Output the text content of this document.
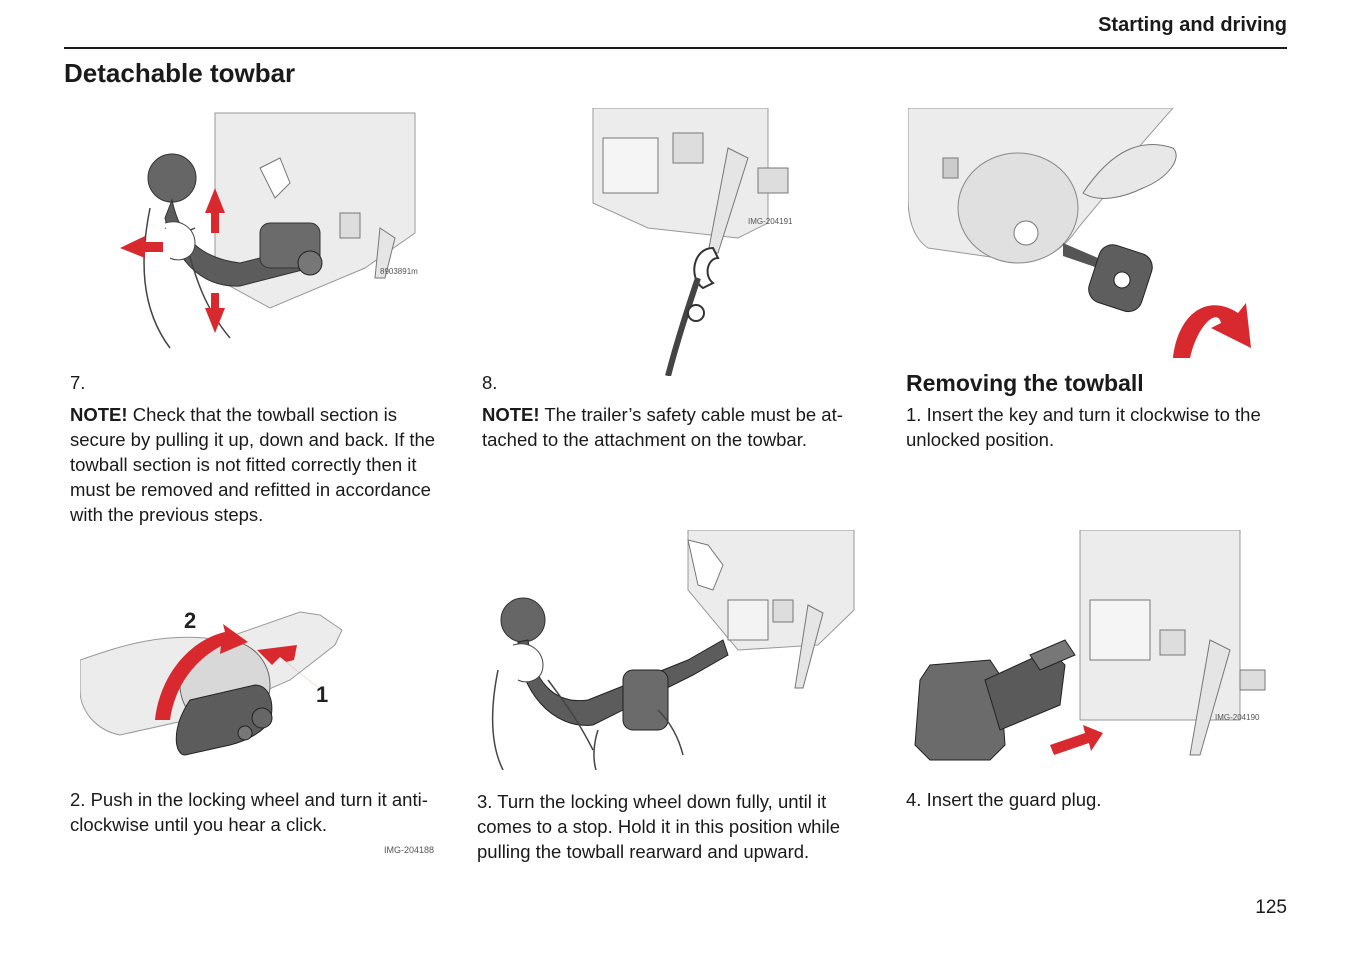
Starting and driving
Detachable towbar
8903891m
IMG-204191
2
1
IMG-204190
7.
NOTE! Check that the towball section is secure by pulling it up, down and back. If the towball section is not fitted correctly then it must be removed and refitted in accordance with the previous steps.
8.
NOTE! The trailer’s safety cable must be at-tached to the attachment on the towbar.
Removing the towball
1. Insert the key and turn it clockwise to the unlocked position.
2. Push in the locking wheel and turn it anti-clockwise until you hear a click.
IMG-204188
3. Turn the locking wheel down fully, until it comes to a stop. Hold it in this position while pulling the towball rearward and upward.
4. Insert the guard plug.
125
